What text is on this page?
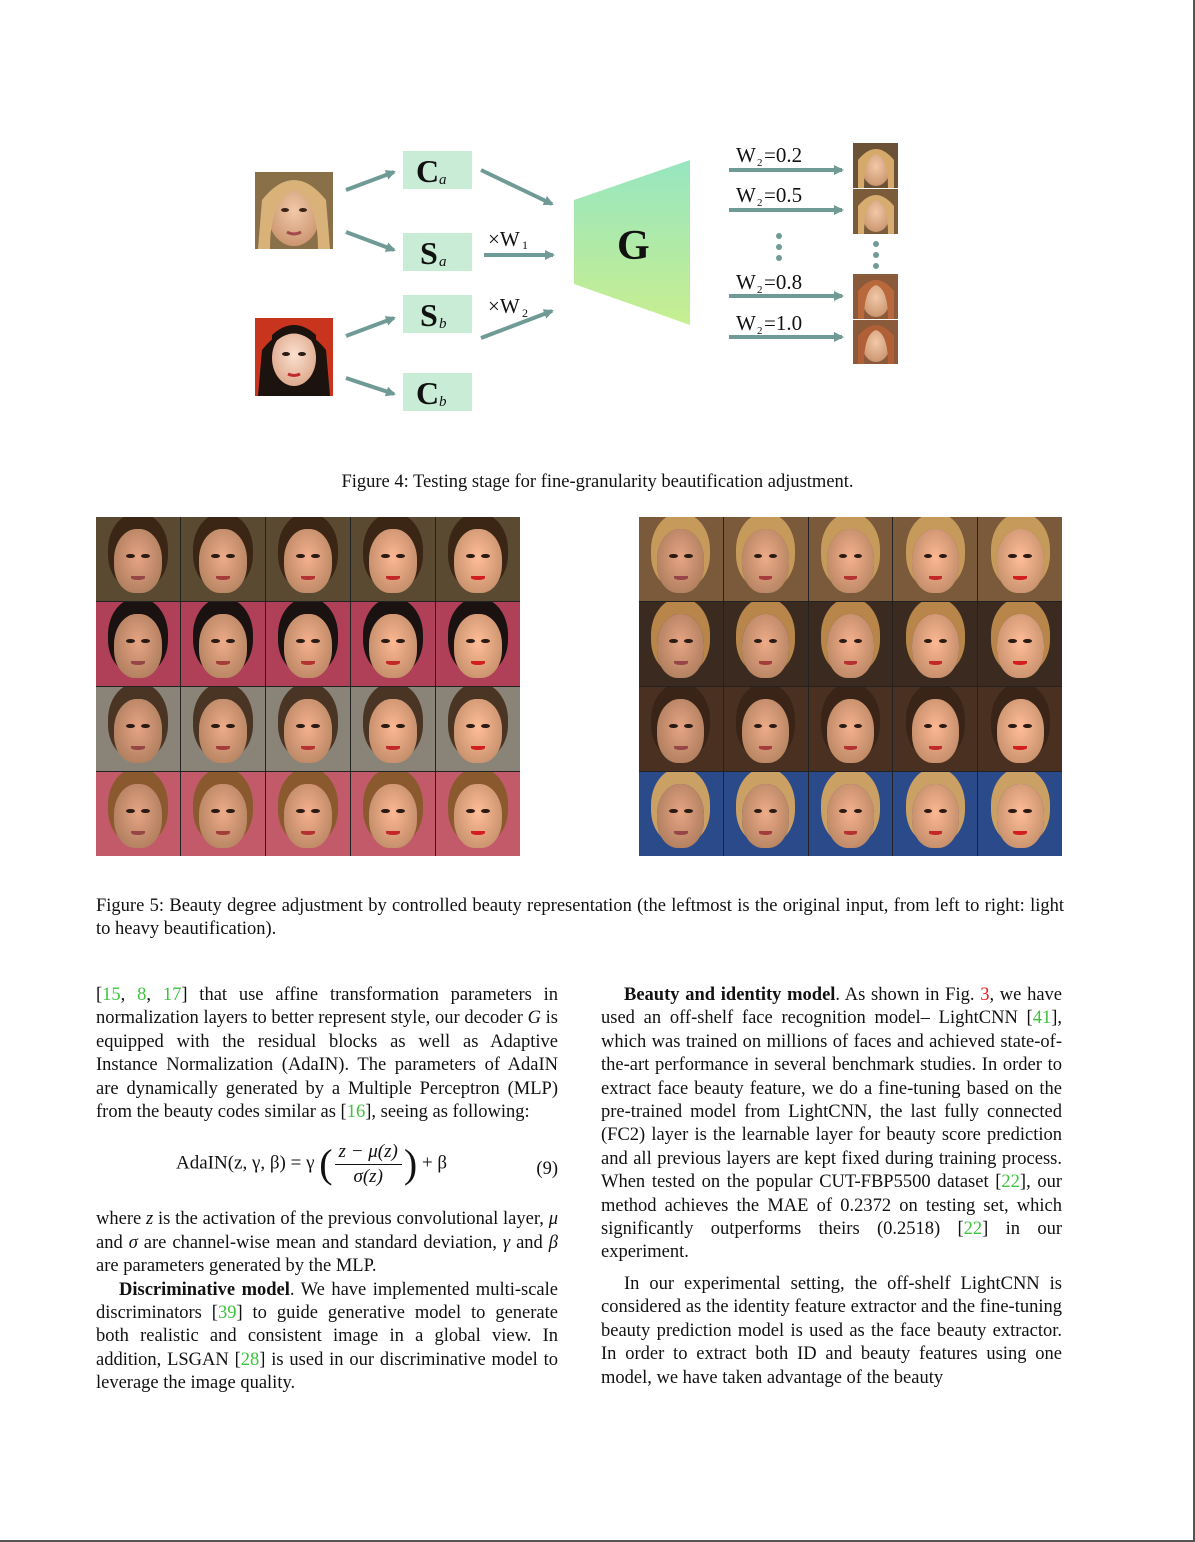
C a
S a
S b
C b
×W 1
×W 2
G
W 2 =0.2
W 2 =0.5
W 2 =0.8
W 2 =1.0
Figure 4: Testing stage for fine-granularity beautification adjustment.
Figure 5: Beauty degree adjustment by controlled beauty representation (the leftmost is the original input, from left to right: light to heavy beautification).

[15, 8, 17] that use affine transformation parameters in normalization layers to better represent style, our decoder G is equipped with the residual blocks as well as Adaptive Instance Normalization (AdaIN). The parameters of AdaIN are dynamically generated by a Multiple Perceptron (MLP) from the beauty codes similar as [16], seeing as following:

AdaIN(z, γ, β) = γ ( $\frac{z - \mu(z)}{\sigma(z)}$ ) + β	(9)

where z is the activation of the previous convolutional layer, μ and σ are channel-wise mean and standard deviation, γ and β are parameters generated by the MLP.

Discriminative model. We have implemented multi-scale discriminators [39] to guide generative model to generate both realistic and consistent image in a global view. In addition, LSGAN [28] is used in our discriminative model to leverage the image quality.

Beauty and identity model. As shown in Fig. 3, we have used an off-shelf face recognition model– LightCNN [41], which was trained on millions of faces and achieved state-of-the-art performance in several benchmark studies. In order to extract face beauty feature, we do a fine-tuning based on the pre-trained model from LightCNN, the last fully connected (FC2) layer is the learnable layer for beauty score prediction and all previous layers are kept fixed during training process. When tested on the popular CUT-FBP5500 dataset [22], our method achieves the MAE of 0.2372 on testing set, which significantly outperforms theirs (0.2518) [22] in our experiment.

In our experimental setting, the off-shelf LightCNN is considered as the identity feature extractor and the fine-tuning beauty prediction model is used as the face beauty extractor. In order to extract both ID and beauty features using one model, we have taken advantage of the beauty
